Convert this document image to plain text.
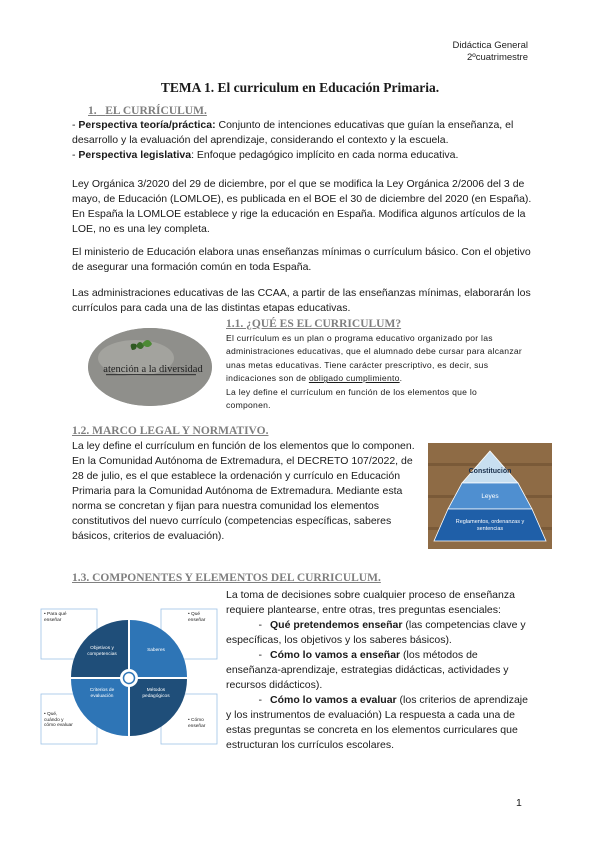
Didáctica General
2ºcuatrimestre
TEMA 1. El curriculum en Educación Primaria.
1. EL CURRÍCULUM.
- Perspectiva teoría/práctica: Conjunto de intenciones educativas que guían la enseñanza, el desarrollo y la evaluación del aprendizaje, considerando el contexto y la escuela.
- Perspectiva legislativa: Enfoque pedagógico implícito en cada norma educativa.
Ley Orgánica 3/2020 del 29 de diciembre, por el que se modifica la Ley Orgánica 2/2006 del 3 de mayo, de Educación (LOMLOE), es publicada en el BOE el 30 de diciembre del 2020 (en España). En España la LOMLOE establece y rige la educación en España. Modifica algunos artículos de la LOE, no es una ley completa.
El ministerio de Educación elabora unas enseñanzas mínimas o currículum básico. Con el objetivo de asegurar una formación común en toda España.
Las administraciones educativas de las CCAA, a partir de las enseñanzas mínimas, elaborarán los currículos para cada una de las distintas etapas educativas.
atención a la diversidad
1.1. ¿QUÉ ES EL CURRICULUM?
El currículum es un plan o programa educativo organizado por las administraciones educativas, que el alumnado debe cursar para alcanzar unas metas educativas. Tiene carácter prescriptivo, es decir, sus indicaciones son de obligado cumplimiento.
La ley define el currículum en función de los elementos que lo componen.
1.2. MARCO LEGAL Y NORMATIVO.
La ley define el currículum en función de los elementos que lo componen.
En la Comunidad Autónoma de Extremadura, el DECRETO 107/2022, de 28 de julio, es el que establece la ordenación y currículo en Educación Primaria para la Comunidad Autónoma de Extremadura. Mediante esta norma se concretan y fijan para nuestra comunidad los elementos constitutivos del nuevo currículo (competencias específicas, saberes básicos, criterios de evaluación).
Constitución
Leyes
Reglamentos, ordenanzas y sentencias
1.3. COMPONENTES Y ELEMENTOS DEL CURRICULUM.
Objetivos y competencias
Saberes
Criterios de evaluación
Métodos pedagógicos
• Para qué enseñar
• Qué enseñar
• Qué, cuándo y cómo evaluar
• Cómo enseñar
La toma de decisiones sobre cualquier proceso de enseñanza requiere plantearse, entre otras, tres preguntas esenciales:
- Qué pretendemos enseñar (las competencias clave y específicas, los objetivos y los saberes básicos).
- Cómo lo vamos a enseñar (los métodos de enseñanza-aprendizaje, estrategias didácticas, actividades y recursos didácticos).
- Cómo lo vamos a evaluar (los criterios de aprendizaje y los instrumentos de evaluación) La respuesta a cada una de estas preguntas se concreta en los elementos curriculares que estructuran los currículos escolares.
1
